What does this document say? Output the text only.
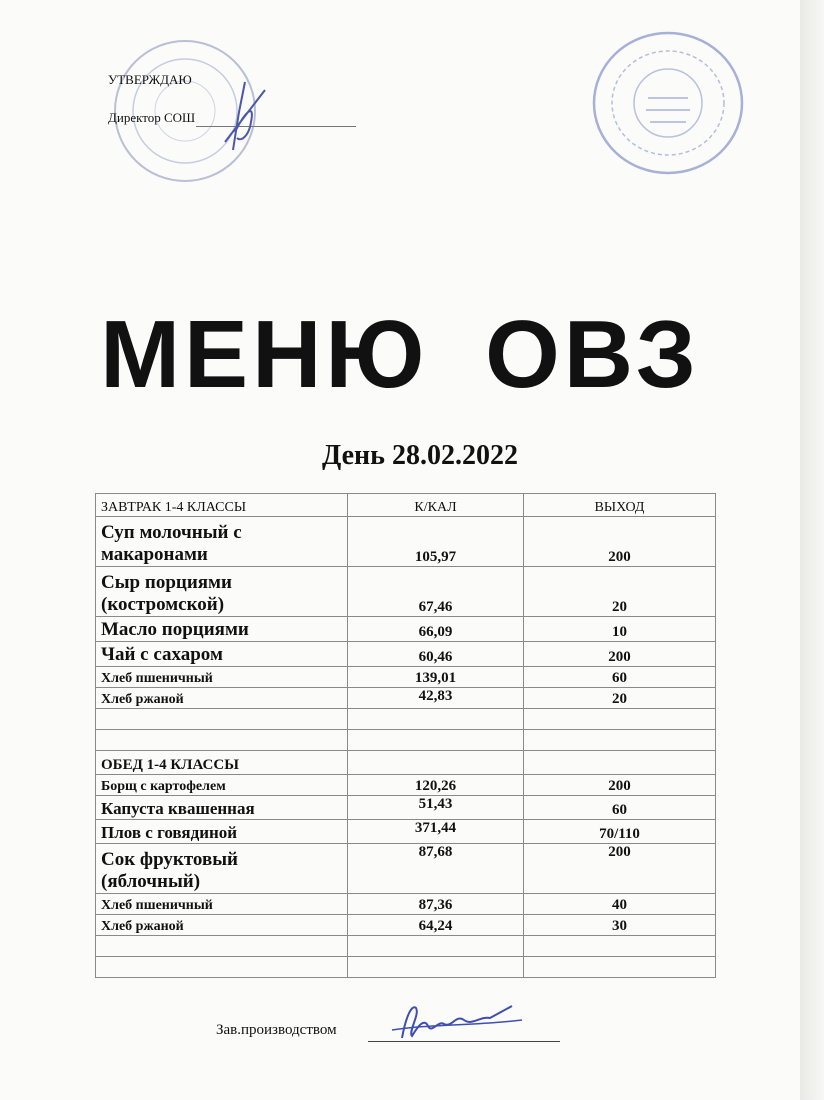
УТВЕРЖДАЮ
Директор СОШ
МЕНЮ ОВЗ
День 28.02.2022
ЗАВТРАК 1-4 КЛАССЫ	К/КАЛ	ВЫХОД
Суп молочный с
макаронами	105,97	200
Сыр порциями
(костромской)	67,46	20
Масло порциями	66,09	10
Чай с сахаром	60,46	200
Хлеб пшеничный	139,01	60
Хлеб ржаной	42,83	20

ОБЕД 1-4 КЛАССЫ		
Борщ с картофелем	120,26	200
Капуста квашенная	51,43	60
Плов с говядиной	371,44	70/110
Сок фруктовый
(яблочный)	87,68	200
Хлеб пшеничный	87,36	40
Хлеб ржаной	64,24	30

Зав.производством
